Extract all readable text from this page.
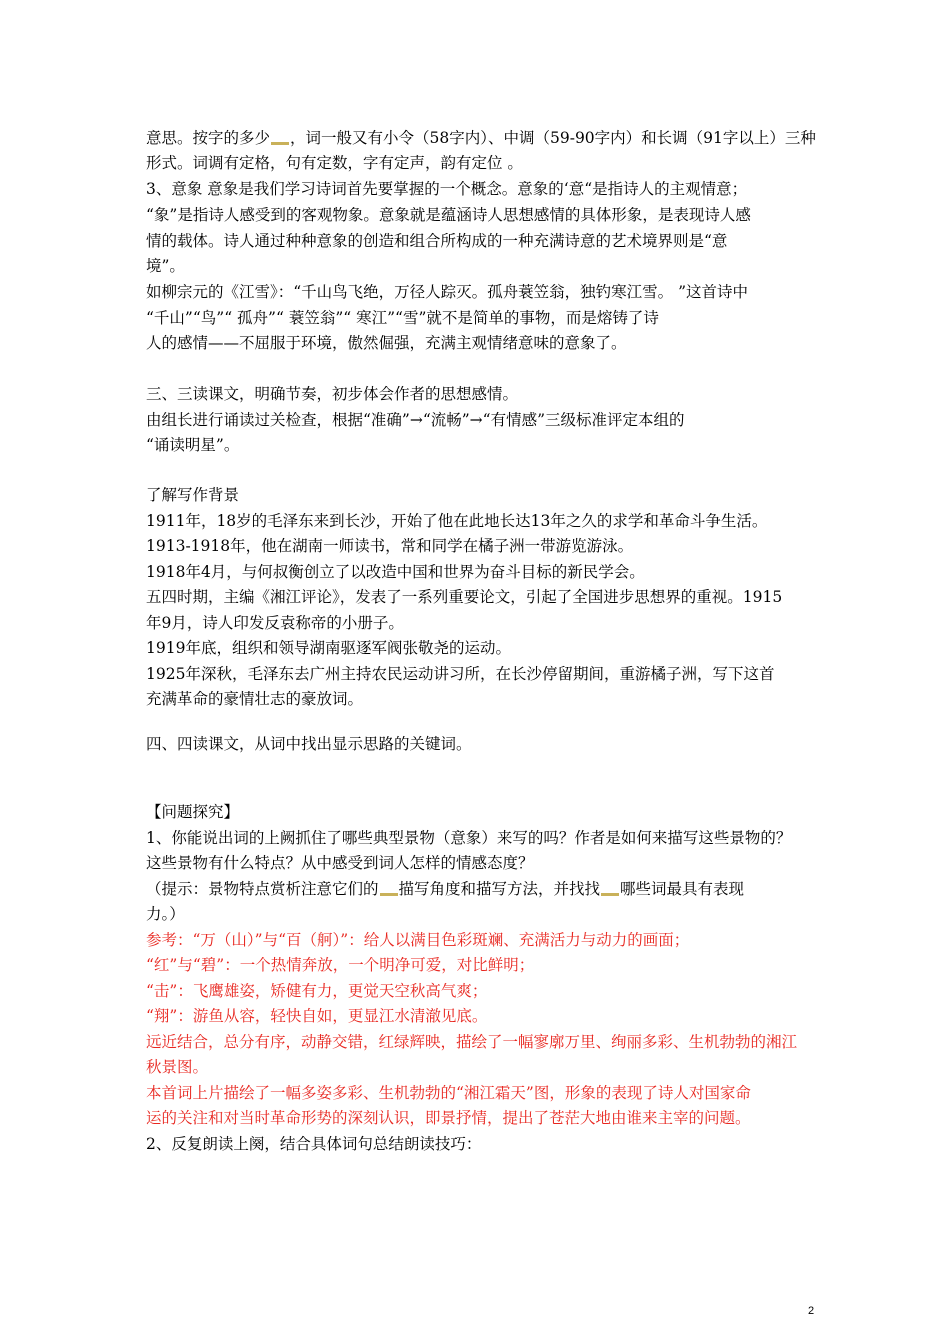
意思。按字的多少 ，词一般又有小令（58字内）、中调（59-90字内）和长调（91字以上）三种
形式。词调有定格，句有定数，字有定声，韵有定位 。
3、意象 意象是我们学习诗词首先要掌握的一个概念。意象的‘意“是指诗人的主观情意；
“象”是指诗人感受到的客观物象。意象就是蕴涵诗人思想感情的具体形象，是表现诗人感
情的载体。诗人通过种种意象的创造和组合所构成的一种充满诗意的艺术境界则是“意
境”。
如柳宗元的《江雪》：“千山鸟飞绝，万径人踪灭。孤舟蓑笠翁，独钓寒江雪。 ”这首诗中
“千山”“鸟”“ 孤舟”“ 蓑笠翁”“ 寒江”“雪”就不是简单的事物，而是熔铸了诗
人的感情——不屈服于环境，傲然倔强，充满主观情绪意味的意象了。
三、三读课文，明确节奏，初步体会作者的思想感情。
由组长进行诵读过关检查，根据“准确”→“流畅”→“有情感”三级标准评定本组的
“诵读明星”。
了解写作背景
1911年，18岁的毛泽东来到长沙，开始了他在此地长达13年之久的求学和革命斗争生活。
1913-1918年，他在湖南一师读书，常和同学在橘子洲一带游览游泳。
1918年4月，与何叔衡创立了以改造中国和世界为奋斗目标的新民学会。
五四时期，主编《湘江评论》，发表了一系列重要论文，引起了全国进步思想界的重视。1915
年9月，诗人印发反袁称帝的小册子。
1919年底，组织和领导湖南驱逐军阀张敬尧的运动。
1925年深秋，毛泽东去广州主持农民运动讲习所，在长沙停留期间，重游橘子洲，写下这首
充满革命的豪情壮志的豪放词。
四、四读课文，从词中找出显示思路的关键词。
【问题探究】
1、你能说出词的上阙抓住了哪些典型景物（意象）来写的吗？作者是如何来描写这些景物的？
这些景物有什么特点？从中感受到词人怎样的情感态度？
（提示：景物特点赏析注意它们的 描写角度和描写方法，并找找 哪些词最具有表现
力。）
参考：“万（山）”与“百（舸）”：给人以满目色彩斑斓、充满活力与动力的画面；
“红”与“碧”：一个热情奔放，一个明净可爱，对比鲜明；
“击”：飞鹰雄姿，矫健有力，更觉天空秋高气爽；
“翔”：游鱼从容，轻快自如，更显江水清澈见底。
远近结合，总分有序，动静交错，红绿辉映，描绘了一幅寥廓万里、绚丽多彩、生机勃勃的湘江
秋景图。
本首词上片描绘了一幅多姿多彩、生机勃勃的“湘江霜天”图，形象的表现了诗人对国家命
运的关注和对当时革命形势的深刻认识，即景抒情，提出了苍茫大地由谁来主宰的问题。
2、反复朗读上阕，结合具体词句总结朗读技巧：
2
